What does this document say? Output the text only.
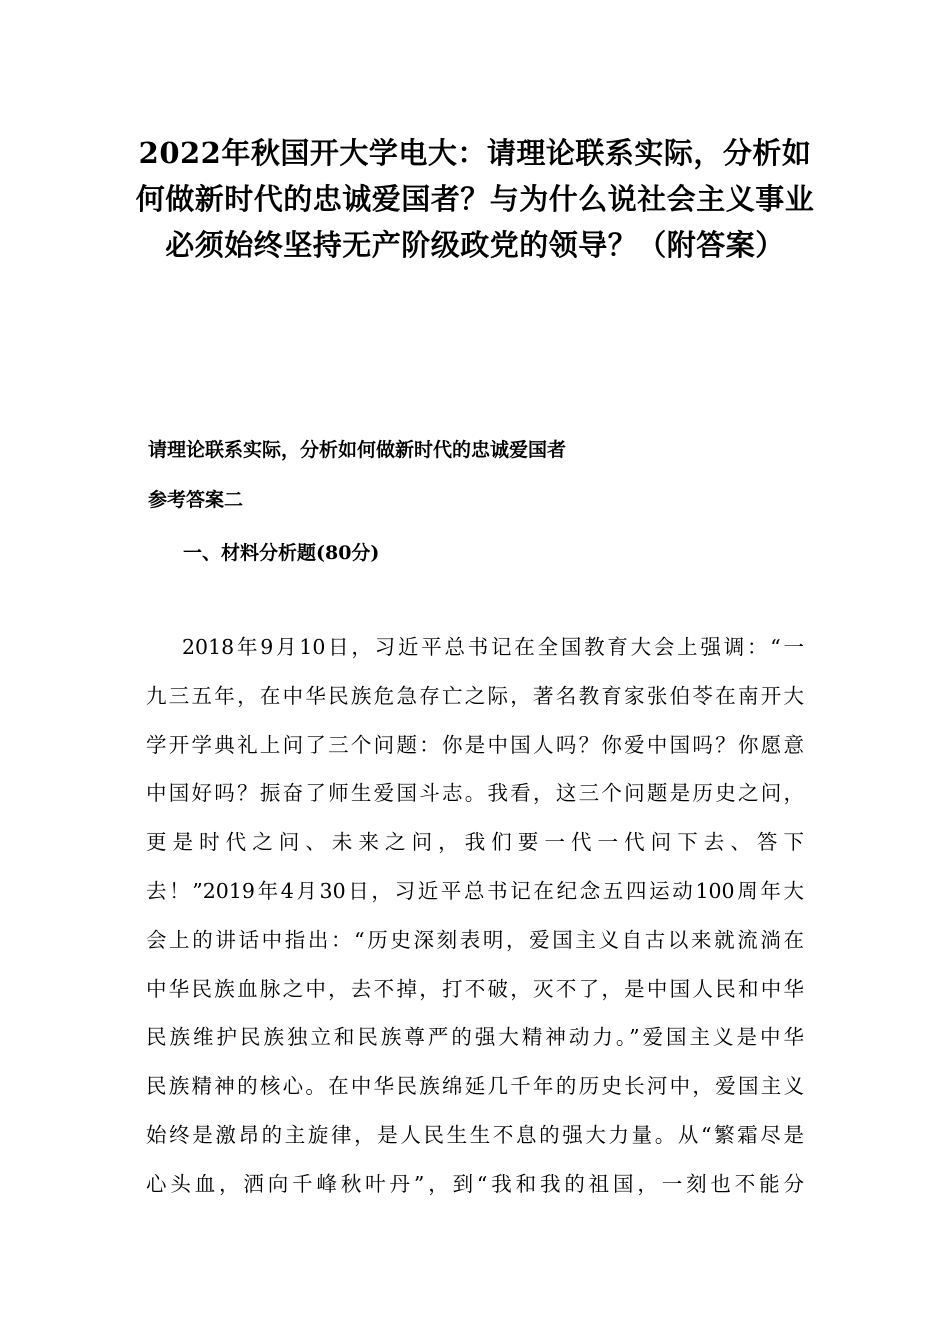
2022年秋国开大学电大：请理论联系实际，分析如
何做新时代的忠诚爱国者？与为什么说社会主义事业
必须始终坚持无产阶级政党的领导？（附答案）

请理论联系实际，分析如何做新时代的忠诚爱国者

参考答案二

一、材料分析题(80分)

2018年9月10日，习近平总书记在全国教育大会上强调：“一
九三五年，在中华民族危急存亡之际，著名教育家张伯苓在南开大
学开学典礼上问了三个问题：你是中国人吗？你爱中国吗？你愿意
中国好吗？振奋了师生爱国斗志。我看，这三个问题是历史之问，
更是时代之问、未来之问，我们要一代一代问下去、答下
去！”2019年4月30日，习近平总书记在纪念五四运动100周年大
会上的讲话中指出：“历史深刻表明，爱国主义自古以来就流淌在
中华民族血脉之中，去不掉，打不破，灭不了，是中国人民和中华
民族维护民族独立和民族尊严的强大精神动力。”爱国主义是中华
民族精神的核心。在中华民族绵延几千年的历史长河中，爱国主义
始终是激昂的主旋律，是人民生生不息的强大力量。从“繁霜尽是
心头血，洒向千峰秋叶丹”，到“我和我的祖国，一刻也不能分
